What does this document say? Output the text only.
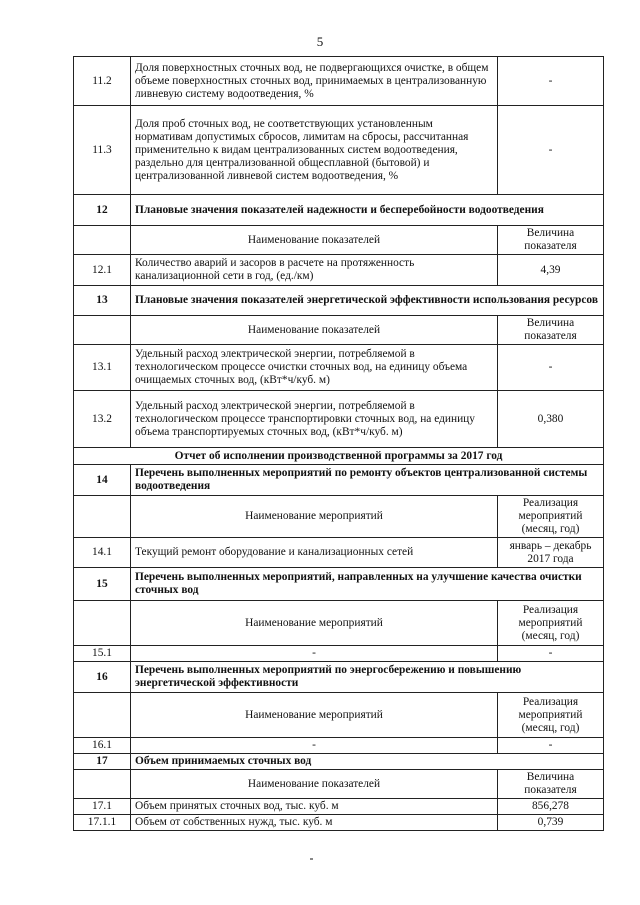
5
11.2	Доля поверхностных сточных вод, не подвергающихся очистке, в общем объеме поверхностных сточных вод, принимаемых в централизованную ливневую систему водоотведения, %	-
11.3	Доля проб сточных вод, не соответствующих установленным нормативам допустимых сбросов, лимитам на сбросы, рассчитанная применительно к видам централизованных систем водоотведения, раздельно для централизованной общесплавной (бытовой) и централизованной ливневой систем водоотведения, %	-
12	Плановые значения показателей надежности и бесперебойности водоотведения	
	Наименование показателей	Величина показателя
12.1	Количество аварий и засоров в расчете на протяженность канализационной сети в год, (ед./км)	4,39
13	Плановые значения показателей энергетической эффективности использования ресурсов	
	Наименование показателей	Величина показателя
13.1	Удельный расход электрической энергии, потребляемой в технологическом процессе очистки сточных вод, на единицу объема очищаемых сточных вод, (кВт*ч/куб. м)	-
13.2	Удельный расход электрической энергии, потребляемой в технологическом процессе транспортировки сточных вод, на единицу объема транспортируемых сточных вод, (кВт*ч/куб. м)	0,380
Отчет об исполнении производственной программы за 2017 год		
14	Перечень выполненных мероприятий по ремонту объектов централизованной системы водоотведения	
	Наименование мероприятий	Реализация мероприятий (месяц, год)
14.1	Текущий ремонт оборудование и канализационных сетей	январь – декабрь 2017 года
15	Перечень выполненных мероприятий, направленных на улучшение качества очистки сточных вод	
	Наименование мероприятий	Реализация мероприятий (месяц, год)
15.1	-	-
16	Перечень выполненных мероприятий по энергосбережению и повышению энергетической эффективности	
	Наименование мероприятий	Реализация мероприятий (месяц, год)
16.1	-	-
17	Объем принимаемых сточных вод	
	Наименование показателей	Величина показателя
17.1	Объем принятых сточных вод, тыс. куб. м	856,278
17.1.1	Объем от собственных нужд, тыс. куб. м	0,739
